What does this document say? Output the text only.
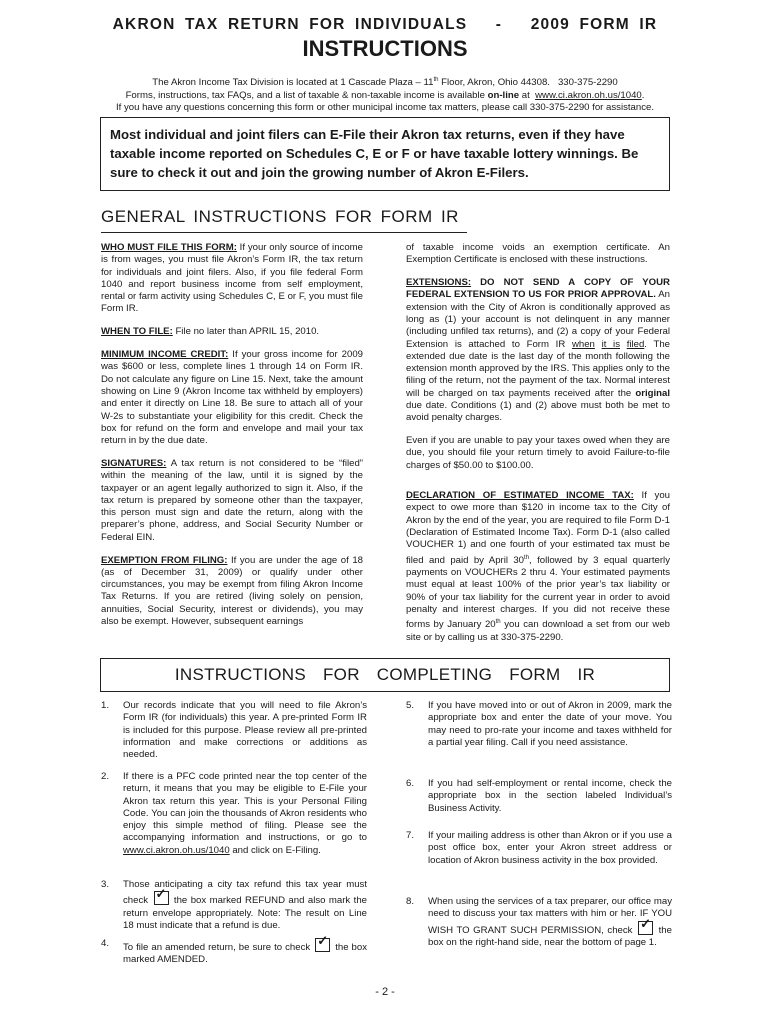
AKRON TAX RETURN FOR INDIVIDUALS   -   2009 FORM IR
INSTRUCTIONS
The Akron Income Tax Division is located at 1 Cascade Plaza – 11th Floor, Akron, Ohio 44308.   330-375-2290
Forms, instructions, tax FAQs, and a list of taxable & non-taxable income is available on-line at  www.ci.akron.oh.us/1040.
If you have any questions concerning this form or other municipal income tax matters, please call 330-375-2290 for assistance.
Most individual and joint filers can E-File their Akron tax returns, even if they have taxable income reported on Schedules C, E or F or have taxable lottery winnings. Be sure to check it out and join the growing number of Akron E-Filers.
GENERAL INSTRUCTIONS FOR FORM IR

WHO MUST FILE THIS FORM: If your only source of income is from wages, you must file Akron’s Form IR, the tax return for individuals and joint filers. Also, if you file federal Form 1040 and report business income from self employment, rental or farm activity using Schedules C, E or F, you must file Form IR.

WHEN TO FILE: File no later than APRIL 15, 2010.

MINIMUM INCOME CREDIT: If your gross income for 2009 was $600 or less, complete lines 1 through 14 on Form IR. Do not calculate any figure on Line 15. Next, take the amount showing on Line 9 (Akron Income tax withheld by employers) and enter it directly on Line 18. Be sure to attach all of your W-2s to substantiate your eligibility for this credit. Check the box for refund on the form and envelope and mail your tax return in by the due date.

SIGNATURES: A tax return is not considered to be “filed” within the meaning of the law, until it is signed by the taxpayer or an agent legally authorized to sign it. Also, if the tax return is prepared by someone other than the taxpayer, this person must sign and date the return, along with the preparer’s phone, address, and Social Security Number or Federal EIN.

EXEMPTION FROM FILING: If you are under the age of 18 (as of December 31, 2009) or qualify under other circumstances, you may be exempt from filing Akron Income Tax Returns. If you are retired (living solely on pension, annuities, Social Security, interest or dividends), you may also be exempt. However, subsequent earnings

of taxable income voids an exemption certificate. An Exemption Certificate is enclosed with these instructions.

EXTENSIONS: DO NOT SEND A COPY OF YOUR FEDERAL EXTENSION TO US FOR PRIOR APPROVAL. An extension with the City of Akron is conditionally approved as long as (1) your account is not delinquent in any manner (including unfiled tax returns), and (2) a copy of your Federal Extension is attached to Form IR when it is filed. The extended due date is the last day of the month following the extension month approved by the IRS. This applies only to the filing of the return, not the payment of the tax. Normal interest will be charged on tax payments received after the original due date. Conditions (1) and (2) above must both be met to avoid penalty charges.

Even if you are unable to pay your taxes owed when they are due, you should file your return timely to avoid Failure-to-file charges of $50.00 to $100.00.

DECLARATION OF ESTIMATED INCOME TAX: If you expect to owe more than $120 in income tax to the City of Akron by the end of the year, you are required to file Form D-1 (Declaration of Estimated Income Tax). Form D-1 (also called VOUCHER 1) and one fourth of your estimated tax must be filed and paid by April 30th, followed by 3 equal quarterly payments on VOUCHERs 2 thru 4. Your estimated payments must equal at least 100% of the prior year’s tax liability or 90% of your tax liability for the current year in order to avoid penalty and interest charges. If you did not receive these forms by January 20th you can download a set from our web site or by calling us at 330-375-2290.

INSTRUCTIONS FOR COMPLETING FORM IR
1. Our records indicate that you will need to file Akron’s Form IR (for individuals) this year. A pre-printed Form IR is included for this purpose. Please review all pre-printed information and make corrections or additions as needed.
2. If there is a PFC code printed near the top center of the return, it means that you may be eligible to E-File your Akron tax return this year. This is your Personal Filing Code. You can join the thousands of Akron residents who enjoy this simple method of filing. Please see the accompanying information and instructions, or go to www.ci.akron.oh.us/1040 and click on E-Filing.
3. Those anticipating a city tax refund this tax year must check ✓ the box marked REFUND and also mark the return envelope appropriately. Note: The result on Line 18 must indicate that a refund is due.
4. To file an amended return, be sure to check ✓ the box marked AMENDED.
5. If you have moved into or out of Akron in 2009, mark the appropriate box and enter the date of your move. You may need to pro-rate your income and taxes withheld for a partial year filing. Call if you need assistance.
6. If you had self-employment or rental income, check the appropriate box in the section labeled Individual’s Business Activity.
7. If your mailing address is other than Akron or if you use a post office box, enter your Akron street address or location of Akron business activity in the box provided.
8. When using the services of a tax preparer, our office may need to discuss your tax matters with him or her. IF YOU WISH TO GRANT SUCH PERMISSION, check ✓ the box on the right-hand side, near the bottom of page 1.
- 2 -
